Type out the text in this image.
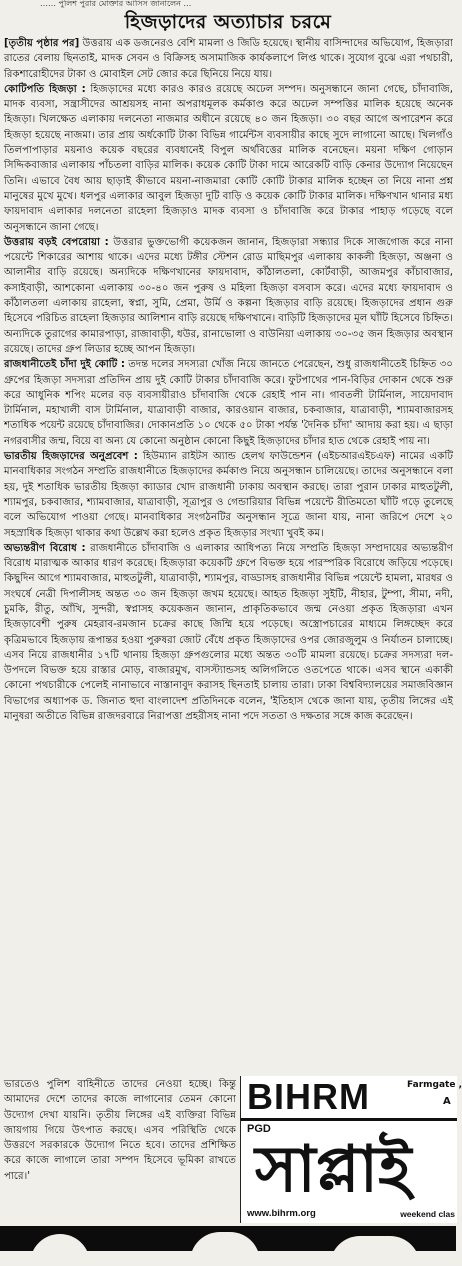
…… পুলিশ পুরার মোক্তার আসিস জানালেন …
হিজড়াদের অত্যাচার চরমে

[তৃতীয় পৃষ্ঠার পর] উত্তরায় এক ডজনেরও বেশি মামলা ও জিডি হয়েছে। স্থানীয় বাসিন্দাদের অভিযোগ, হিজড়ারা রাতের বেলায় ছিনতাই, মাদক সেবন ও বিক্রিসহ অসামাজিক কার্যকলাপে লিপ্ত থাকে। সুযোগ বুঝে এরা পথচারী, রিকশারোহীদের টাকা ও মোবাইল সেট জোর করে ছিনিয়ে নিয়ে যায়।

কোটিপতি হিজড়া : হিজড়াদের মধ্যে কারও কারও রয়েছে অঢেল সম্পদ। অনুসন্ধানে জানা গেছে, চাঁদাবাজি, মাদক ব্যবসা, সন্ত্রাসীদের আশ্রয়সহ নানা অপরাধমূলক কর্মকাণ্ড করে অঢেল সম্পত্তির মালিক হয়েছে অনেক হিজড়া। খিলক্ষেত এলাকায় দলনেতা নাজমার অধীনে রয়েছে ৪০ জন হিজড়া। ৩০ বছর আগে অপারেশন করে হিজড়া হয়েছে নাজমা। তার প্রায় অর্ধকোটি টাকা বিভিন্ন গার্মেন্টস ব্যবসায়ীর কাছে সুদে লাগানো আছে। খিলগাঁও তিলপাপাড়ার ময়নাও কয়েক বছরের ব্যবধানেই বিপুল অর্থবিত্তের মালিক বনেছেন। ময়না দক্ষিণ গোড়ান সিদ্দিকবাজার এলাকায় পাঁচতলা বাড়ির মালিক। কয়েক কোটি টাকা দামে আরেকটি বাড়ি কেনার উদ্যোগ নিয়েছেন তিনি। এভাবে বৈধ আয় ছাড়াই কীভাবে ময়না-নাজমারা কোটি কোটি টাকার মালিক হচ্ছেন তা নিয়ে নানা প্রশ্ন মানুষের মুখে মুখে। ধলপুর এলাকার আবুল হিজড়া দুটি বাড়ি ও কয়েক কোটি টাকার মালিক। দক্ষিণখান থানার মধ্য ফায়দাবাদ এলাকার দলনেতা রাহেলা হিজড়াও মাদক ব্যবসা ও চাঁদাবাজি করে টাকার পাহাড় গড়েছে বলে অনুসন্ধানে জানা গেছে।

উত্তরায় বড়ই বেপরোয়া : উত্তরার ভুক্তভোগী কয়েকজন জানান, হিজড়ারা সন্ধ্যার দিকে সাজগোজ করে নানা পয়েন্টে শিকারের আশায় থাকে। এদের মধ্যে টঙ্গীর স্টেশন রোড মাছিমপুর এলাকায় কাকলী হিজড়া, অঞ্জনা ও আলানীর বাড়ি রয়েছে। অন্যদিকে দক্ষিণখানের ফায়দাবাদ, কাঁঠালতলা, কোর্টবাড়ী, আজমপুর কাঁচাবাজার, কসাইবাড়ী, আশকোনা এলাকায় ৩০-৪০ জন পুরুষ ও মহিলা হিজড়া বসবাস করে। এদের মধ্যে ফায়দাবাদ ও কাঁঠালতলা এলাকায় রাহেলা, স্বপ্না, সুমি, প্রেমা, উর্মি ও কল্পনা হিজড়ার বাড়ি রয়েছে। হিজড়াদের প্রধান গুরু হিসেবে পরিচিত রাহেলা হিজড়ার আলিশান বাড়ি রয়েছে দক্ষিণখানে। বাড়িটি হিজড়াদের মূল ঘাঁটি হিসেবে চিহ্নিত। অন্যদিকে তুরাগের কামারপাড়া, রাজাবাড়ী, ধউর, রানাভোলা ও বাউনিয়া এলাকায় ৩০-৩৫ জন হিজড়ার অবস্থান রয়েছে। তাদের গ্রুপ লিডার হচ্ছে আপন হিজড়া।

রাজধানীতেই চাঁদা দুই কোটি : তদন্ত দলের সদস্যরা খোঁজ নিয়ে জানতে পেরেছেন, শুধু রাজধানীতেই চিহ্নিত ৩০ গ্রুপের হিজড়া সদস্যরা প্রতিদিন প্রায় দুই কোটি টাকার চাঁদাবাজি করে। ফুটপাথের পান-বিড়ির দোকান থেকে শুরু করে আধুনিক শপিং মলের বড় ব্যবসায়ীরাও চাঁদাবাজি থেকে রেহাই পান না। গাবতলী টার্মিনাল, সায়েদাবাদ টার্মিনাল, মহাখালী বাস টার্মিনাল, যাত্রাবাড়ী বাজার, কারওয়ান বাজার, চকবাজার, যাত্রাবাড়ী, শ্যামবাজারসহ শতাধিক পয়েন্ট রয়েছে চাঁদাবাজির। দোকানপ্রতি ১০ থেকে ৫০ টাকা পর্যন্ত 'দৈনিক চাঁদা' আদায় করা হয়। এ ছাড়া নগরবাসীর জন্ম, বিয়ে বা অন্য যে কোনো অনুষ্ঠান কোনো কিছুই হিজড়াদের চাঁদার হাত থেকে রেহাই পায় না।

ভারতীয় হিজড়াদের অনুপ্রবেশ : হিউম্যান রাইটস অ্যান্ড হেলথ ফাউন্ডেশন (এইচআরএইচএফ) নামের একটি মানবাধিকার সংগঠন সম্প্রতি রাজধানীতে হিজড়াদের কর্মকাণ্ড নিয়ে অনুসন্ধান চালিয়েছে। তাদের অনুসন্ধানে বলা হয়, দুই শতাধিক ভারতীয় হিজড়া ক্যাডার খোদ রাজধানী ঢাকায় অবস্থান করছে। তারা পুরান ঢাকার মাহুতটুলী, শ্যামপুর, চকবাজার, শ্যামবাজার, যাত্রাবাড়ী, সূত্রাপুর ও গেন্ডারিয়ার বিভিন্ন পয়েন্টে রীতিমতো ঘাঁটি গড়ে তুলেছে বলে অভিযোগ পাওয়া গেছে। মানবাধিকার সংগঠনটির অনুসন্ধান সূত্রে জানা যায়, নানা জরিপে দেশে ২০ সহস্রাধিক হিজড়া থাকার কথা উল্লেখ করা হলেও প্রকৃত হিজড়ার সংখ্যা খুবই কম।

অভ্যন্তরীণ বিরোধ : রাজধানীতে চাঁদাবাজি ও এলাকার আধিপত্য নিয়ে সম্প্রতি হিজড়া সম্প্রদায়ের অভ্যন্তরীণ বিরোধ মারাত্মক আকার ধারণ করেছে। হিজড়ারা কয়েকটি গ্রুপে বিভক্ত হয়ে পারস্পরিক বিরোধে জড়িয়ে পড়েছে। কিছুদিন আগে শ্যামবাজার, মাহুতটুলী, যাত্রাবাড়ী, শ্যামপুর, বাড্ডাসহ রাজধানীর বিভিন্ন পয়েন্টে হামলা, মারধর ও সংঘর্ষে নেত্রী দিপালীসহ অন্তত ৩০ জন হিজড়া জখম হয়েছে। আহত হিজড়া সুইটি, নীহার, টুম্পা, সীমা, নদী, চুমকি, রীতু, আঁখি, সুন্দরী, স্বপ্নাসহ কয়েকজন জানান, প্রাকৃতিকভাবে জন্ম নেওয়া প্রকৃত হিজড়ারা এখন হিজড়াবেশী পুরুষ মেহরাব-রমজান চক্রের কাছে জিম্মি হয়ে পড়েছে। অস্ত্রোপচারের মাধ্যমে লিঙ্গচ্ছেদ করে কৃত্রিমভাবে হিজড়ায় রূপান্তর হওয়া পুরুষরা জোট বেঁধে প্রকৃত হিজড়াদের ওপর জোরজুলুম ও নির্যাতন চালাচ্ছে। এসব নিয়ে রাজধানীর ১৭টি থানায় হিজড়া গ্রুপগুলোর মধ্যে অন্তত ৩০টি মামলা রয়েছে। চক্রের সদস্যরা দল-উপদলে বিভক্ত হয়ে রাস্তার মোড়, বাজারমুখ, বাসস্ট্যান্ডসহ অলিগলিতে ওতপেতে থাকে। এসব স্থানে একাকী কোনো পথচারীকে পেলেই নানাভাবে নাস্তানাবুদ করাসহ ছিনতাই চালায় তারা। ঢাকা বিশ্ববিদ্যালয়ের সমাজবিজ্ঞান বিভাগের অধ্যাপক ড. জিনাত হুদা বাংলাদেশ প্রতিদিনকে বলেন, 'ইতিহাস থেকে জানা যায়, তৃতীয় লিঙ্গের এই মানুষরা অতীতে বিভিন্ন রাজদরবারে নিরাপত্তা প্রহরীসহ নানা পদে সততা ও দক্ষতার সঙ্গে কাজ করেছেন।

ভারতেও পুলিশ বাহিনীতে তাদের নেওয়া হচ্ছে। কিন্তু আমাদের দেশে তাদের কাজে লাগানোর তেমন কোনো উদ্যোগ দেখা যায়নি। তৃতীয় লিঙ্গের এই ব্যক্তিরা বিভিন্ন জায়গায় গিয়ে উৎপাত করছে। এসব পরিস্থিতি থেকে উত্তরণে সরকারকে উদ্যোগ নিতে হবে। তাদের প্রশিক্ষিত করে কাজে লাগালে তারা সম্পদ হিসেবে ভূমিকা রাখতে পারে।'
BIHRM	Farmgate ,
A
PGD
সাপ্লাই
www.bihrm.org	weekend clas
